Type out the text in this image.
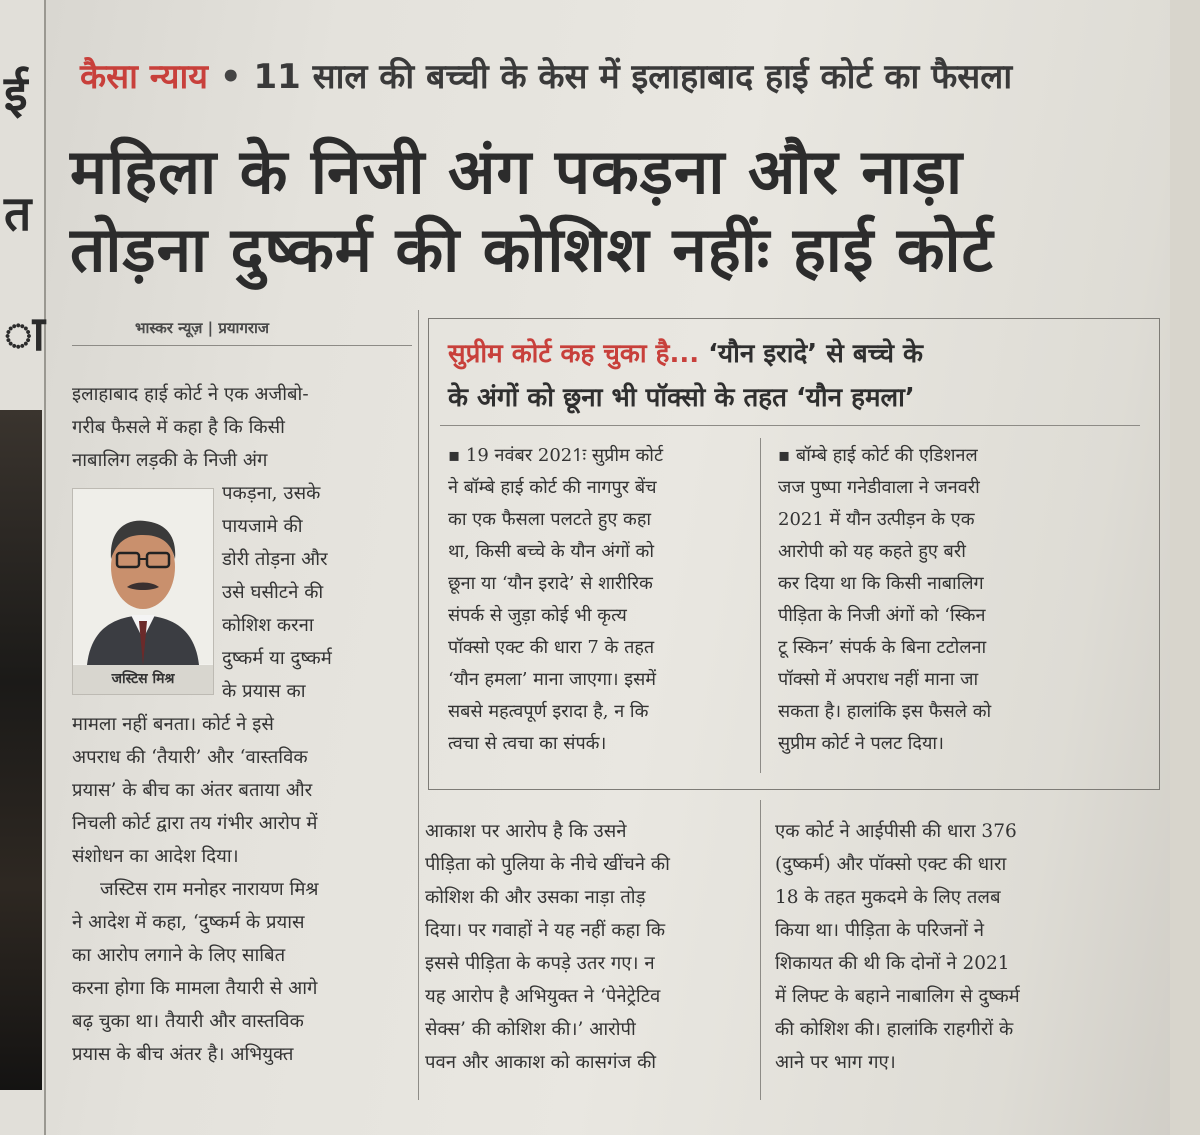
ई
त
ा
कैसा न्याय • 11 साल की बच्ची के केस में इलाहाबाद हाई कोर्ट का फैसला
महिला के निजी अंग पकड़ना और नाड़ा
तोड़ना दुष्कर्म की कोशिश नहींः हाई कोर्ट
भास्कर न्यूज़ | प्रयागराज
इलाहाबाद हाई कोर्ट ने एक अजीबो-
गरीब फैसले में कहा है कि किसी
नाबालिग लड़की के निजी अंग
जस्टिस मिश्र
पकड़ना, उसके
पायजामे की
डोरी तोड़ना और
उसे घसीटने की
कोशिश करना
दुष्कर्म या दुष्कर्म
के प्रयास का
मामला नहीं बनता। कोर्ट ने इसे
अपराध की ‘तैयारी’ और ‘वास्तविक
प्रयास’ के बीच का अंतर बताया और
निचली कोर्ट द्वारा तय गंभीर आरोप में
संशोधन का आदेश दिया।
जस्टिस राम मनोहर नारायण मिश्र
ने आदेश में कहा, ‘दुष्कर्म के प्रयास
का आरोप लगाने के लिए साबित
करना होगा कि मामला तैयारी से आगे
बढ़ चुका था। तैयारी और वास्तविक
प्रयास के बीच अंतर है। अभियुक्त
सुप्रीम कोर्ट कह चुका है... ‘यौन इरादे’ से बच्चे के
के अंगों को छूना भी पॉक्सो के तहत ‘यौन हमला’
▪ 19 नवंबर 2021ः सुप्रीम कोर्ट
ने बॉम्बे हाई कोर्ट की नागपुर बेंच
का एक फैसला पलटते हुए कहा
था, किसी बच्चे के यौन अंगों को
छूना या ‘यौन इरादे’ से शारीरिक
संपर्क से जुड़ा कोई भी कृत्य
पॉक्सो एक्ट की धारा 7 के तहत
‘यौन हमला’ माना जाएगा। इसमें
सबसे महत्वपूर्ण इरादा है, न कि
त्वचा से त्वचा का संपर्क।
▪ बॉम्बे हाई कोर्ट की एडिशनल
जज पुष्पा गनेडीवाला ने जनवरी
2021 में यौन उत्पीड़न के एक
आरोपी को यह कहते हुए बरी
कर दिया था कि किसी नाबालिग
पीड़िता के निजी अंगों को ‘स्किन
टू स्किन’ संपर्क के बिना टटोलना
पॉक्सो में अपराध नहीं माना जा
सकता है। हालांकि इस फैसले को
सुप्रीम कोर्ट ने पलट दिया।
आकाश पर आरोप है कि उसने
पीड़िता को पुलिया के नीचे खींचने की
कोशिश की और उसका नाड़ा तोड़
दिया। पर गवाहों ने यह नहीं कहा कि
इससे पीड़िता के कपड़े उतर गए। न
यह आरोप है अभियुक्त ने ‘पेनेट्रेटिव
सेक्स’ की कोशिश की।’ आरोपी
पवन और आकाश को कासगंज की
एक कोर्ट ने आईपीसी की धारा 376
(दुष्कर्म) और पॉक्सो एक्ट की धारा
18 के तहत मुकदमे के लिए तलब
किया था। पीड़िता के परिजनों ने
शिकायत की थी कि दोनों ने 2021
में लिफ्ट के बहाने नाबालिग से दुष्कर्म
की कोशिश की। हालांकि राहगीरों के
आने पर भाग गए।
